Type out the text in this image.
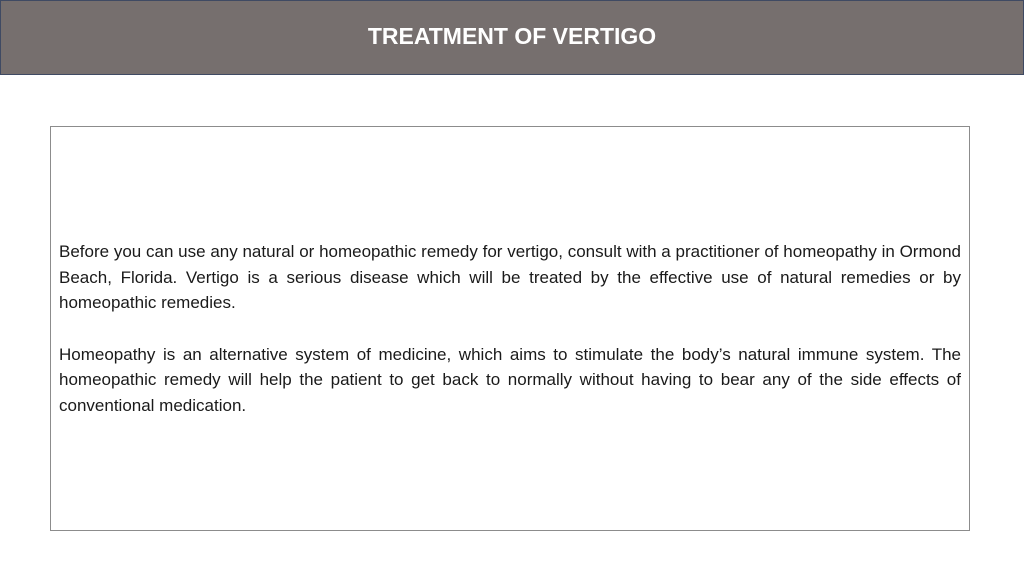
TREATMENT OF VERTIGO

Before you can use any natural or homeopathic remedy for vertigo, consult with a practitioner of homeopathy in Ormond Beach, Florida. Vertigo is a serious disease which will be treated by the effective use of natural remedies or by homeopathic remedies.

Homeopathy is an alternative system of medicine, which aims to stimulate the body’s natural immune system. The homeopathic remedy will help the patient to get back to normally without having to bear any of the side effects of conventional medication.
